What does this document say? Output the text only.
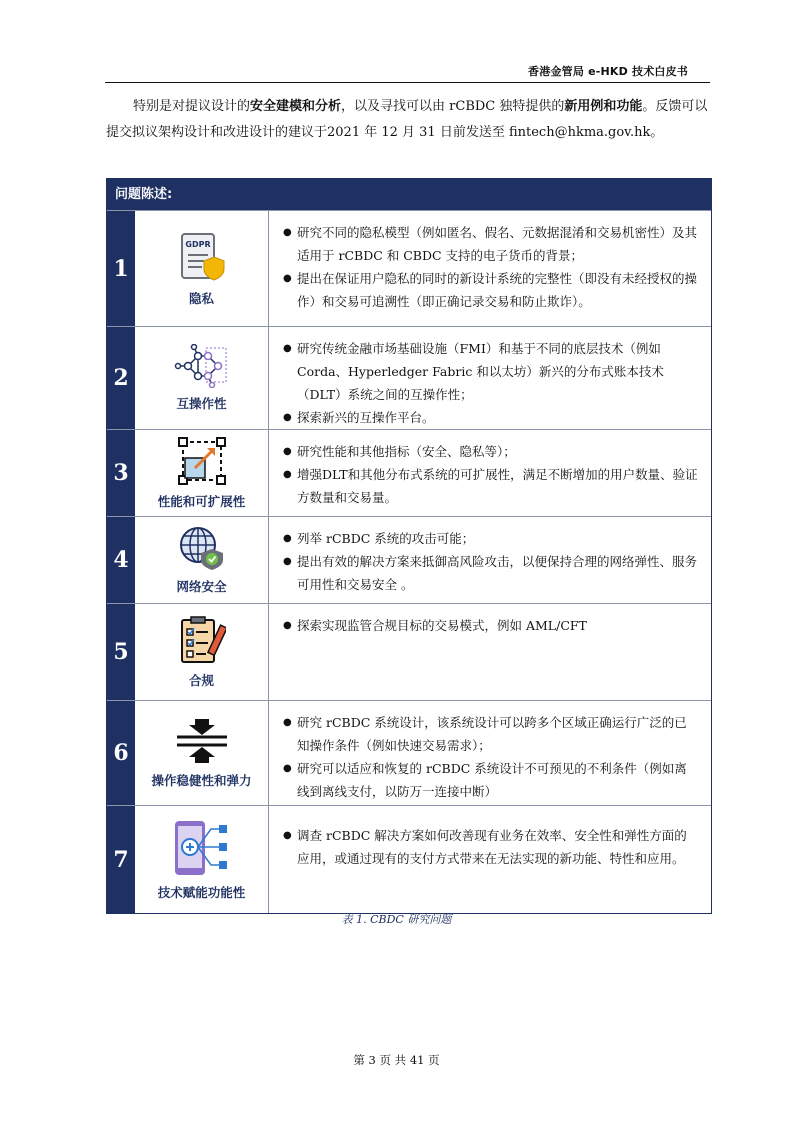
香港金管局 e-HKD 技术白皮书

特别是对提议设计的安全建模和分析，以及寻找可以由 rCBDC 独特提供的新用例和功能。反馈可以提交拟议架构设计和改进设计的建议于2021 年 12 月 31 日前发送至 fintech@hkma.gov.hk。

问题陈述:
1
GDPR
隐私
● 研究不同的隐私模型（例如匿名、假名、元数据混淆和交易机密性）及其适用于 rCBDC 和 CBDC 支持的电子货币的背景；
● 提出在保证用户隐私的同时的新设计系统的完整性（即没有未经授权的操作）和交易可追溯性（即正确记录交易和防止欺诈）。
2
互操作性
● 研究传统金融市场基础设施（FMI）和基于不同的底层技术（例如 Corda、Hyperledger Fabric 和以太坊）新兴的分布式账本技术（DLT）系统之间的互操作性；
● 探索新兴的互操作平台。
3
性能和可扩展性
● 研究性能和其他指标（安全、隐私等）；
● 增强DLT和其他分布式系统的可扩展性，满足不断增加的用户数量、验证方数量和交易量。
4
网络安全
● 列举 rCBDC 系统的攻击可能；
● 提出有效的解决方案来抵御高风险攻击，以便保持合理的网络弹性、服务可用性和交易安全 。
5
合规
● 探索实现监管合规目标的交易模式，例如 AML/CFT
6
操作稳健性和弹力
● 研究 rCBDC 系统设计，该系统设计可以跨多个区域正确运行广泛的已知操作条件（例如快速交易需求）；
● 研究可以适应和恢复的 rCBDC 系统设计不可预见的不利条件（例如离线到离线支付，以防万一连接中断）
7
技术赋能功能性
● 调查 rCBDC 解决方案如何改善现有业务在效率、安全性和弹性方面的应用，或通过现有的支付方式带来在无法实现的新功能、特性和应用。
表 1. CBDC 研究问题
第 3 页 共 41 页
